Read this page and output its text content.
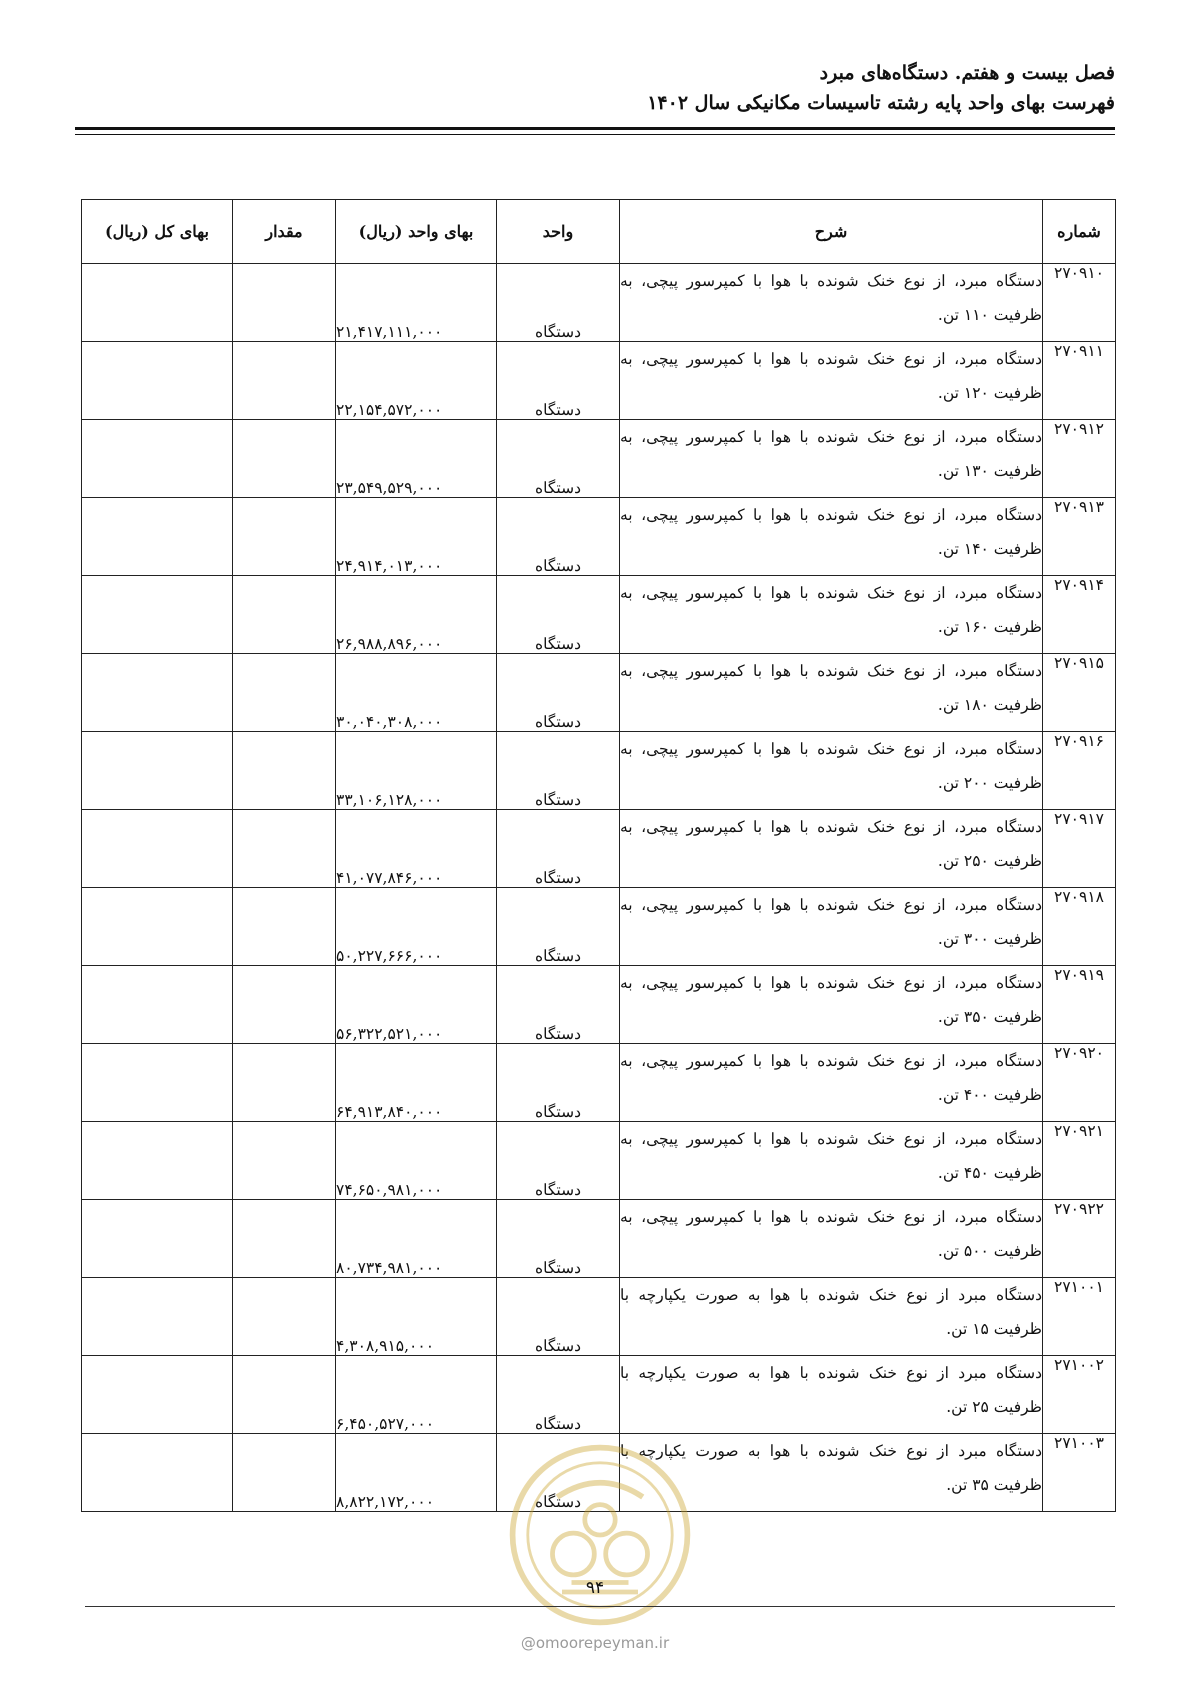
فصل بیست و هفتم. دستگاه‌های مبرد
فهرست بهای واحد پایه رشته تاسیسات مکانیکی سال ۱۴۰۲
شماره	شرح	واحد	بهای واحد (ریال)	مقدار	بهای کل (ریال)
۲۷۰۹۱۰	دستگاه مبرد، از نوع خنک شونده با هوا با کمپرسور پیچی، به ظرفیت ۱۱۰ تن.	دستگاه	۲۱,۴۱۷,۱۱۱,۰۰۰		
۲۷۰۹۱۱	دستگاه مبرد، از نوع خنک شونده با هوا با کمپرسور پیچی، به ظرفیت ۱۲۰ تن.	دستگاه	۲۲,۱۵۴,۵۷۲,۰۰۰		
۲۷۰۹۱۲	دستگاه مبرد، از نوع خنک شونده با هوا با کمپرسور پیچی، به ظرفیت ۱۳۰ تن.	دستگاه	۲۳,۵۴۹,۵۲۹,۰۰۰		
۲۷۰۹۱۳	دستگاه مبرد، از نوع خنک شونده با هوا با کمپرسور پیچی، به ظرفیت ۱۴۰ تن.	دستگاه	۲۴,۹۱۴,۰۱۳,۰۰۰		
۲۷۰۹۱۴	دستگاه مبرد، از نوع خنک شونده با هوا با کمپرسور پیچی، به ظرفیت ۱۶۰ تن.	دستگاه	۲۶,۹۸۸,۸۹۶,۰۰۰		
۲۷۰۹۱۵	دستگاه مبرد، از نوع خنک شونده با هوا با کمپرسور پیچی، به ظرفیت ۱۸۰ تن.	دستگاه	۳۰,۰۴۰,۳۰۸,۰۰۰		
۲۷۰۹۱۶	دستگاه مبرد، از نوع خنک شونده با هوا با کمپرسور پیچی، به ظرفیت ۲۰۰ تن.	دستگاه	۳۳,۱۰۶,۱۲۸,۰۰۰		
۲۷۰۹۱۷	دستگاه مبرد، از نوع خنک شونده با هوا با کمپرسور پیچی، به ظرفیت ۲۵۰ تن.	دستگاه	۴۱,۰۷۷,۸۴۶,۰۰۰		
۲۷۰۹۱۸	دستگاه مبرد، از نوع خنک شونده با هوا با کمپرسور پیچی، به ظرفیت ۳۰۰ تن.	دستگاه	۵۰,۲۲۷,۶۶۶,۰۰۰		
۲۷۰۹۱۹	دستگاه مبرد، از نوع خنک شونده با هوا با کمپرسور پیچی، به ظرفیت ۳۵۰ تن.	دستگاه	۵۶,۳۲۲,۵۲۱,۰۰۰		
۲۷۰۹۲۰	دستگاه مبرد، از نوع خنک شونده با هوا با کمپرسور پیچی، به ظرفیت ۴۰۰ تن.	دستگاه	۶۴,۹۱۳,۸۴۰,۰۰۰		
۲۷۰۹۲۱	دستگاه مبرد، از نوع خنک شونده با هوا با کمپرسور پیچی، به ظرفیت ۴۵۰ تن.	دستگاه	۷۴,۶۵۰,۹۸۱,۰۰۰		
۲۷۰۹۲۲	دستگاه مبرد، از نوع خنک شونده با هوا با کمپرسور پیچی، به ظرفیت ۵۰۰ تن.	دستگاه	۸۰,۷۳۴,۹۸۱,۰۰۰		
۲۷۱۰۰۱	دستگاه مبرد از نوع خنک شونده با هوا به صورت یکپارچه با ظرفیت ۱۵ تن.	دستگاه	۴,۳۰۸,۹۱۵,۰۰۰		
۲۷۱۰۰۲	دستگاه مبرد از نوع خنک شونده با هوا به صورت یکپارچه با ظرفیت ۲۵ تن.	دستگاه	۶,۴۵۰,۵۲۷,۰۰۰		
۲۷۱۰۰۳	دستگاه مبرد از نوع خنک شونده با هوا به صورت یکپارچه با ظرفیت ۳۵ تن.	دستگاه	۸,۸۲۲,۱۷۲,۰۰۰		
۹۴
@omoorepeyman.ir
